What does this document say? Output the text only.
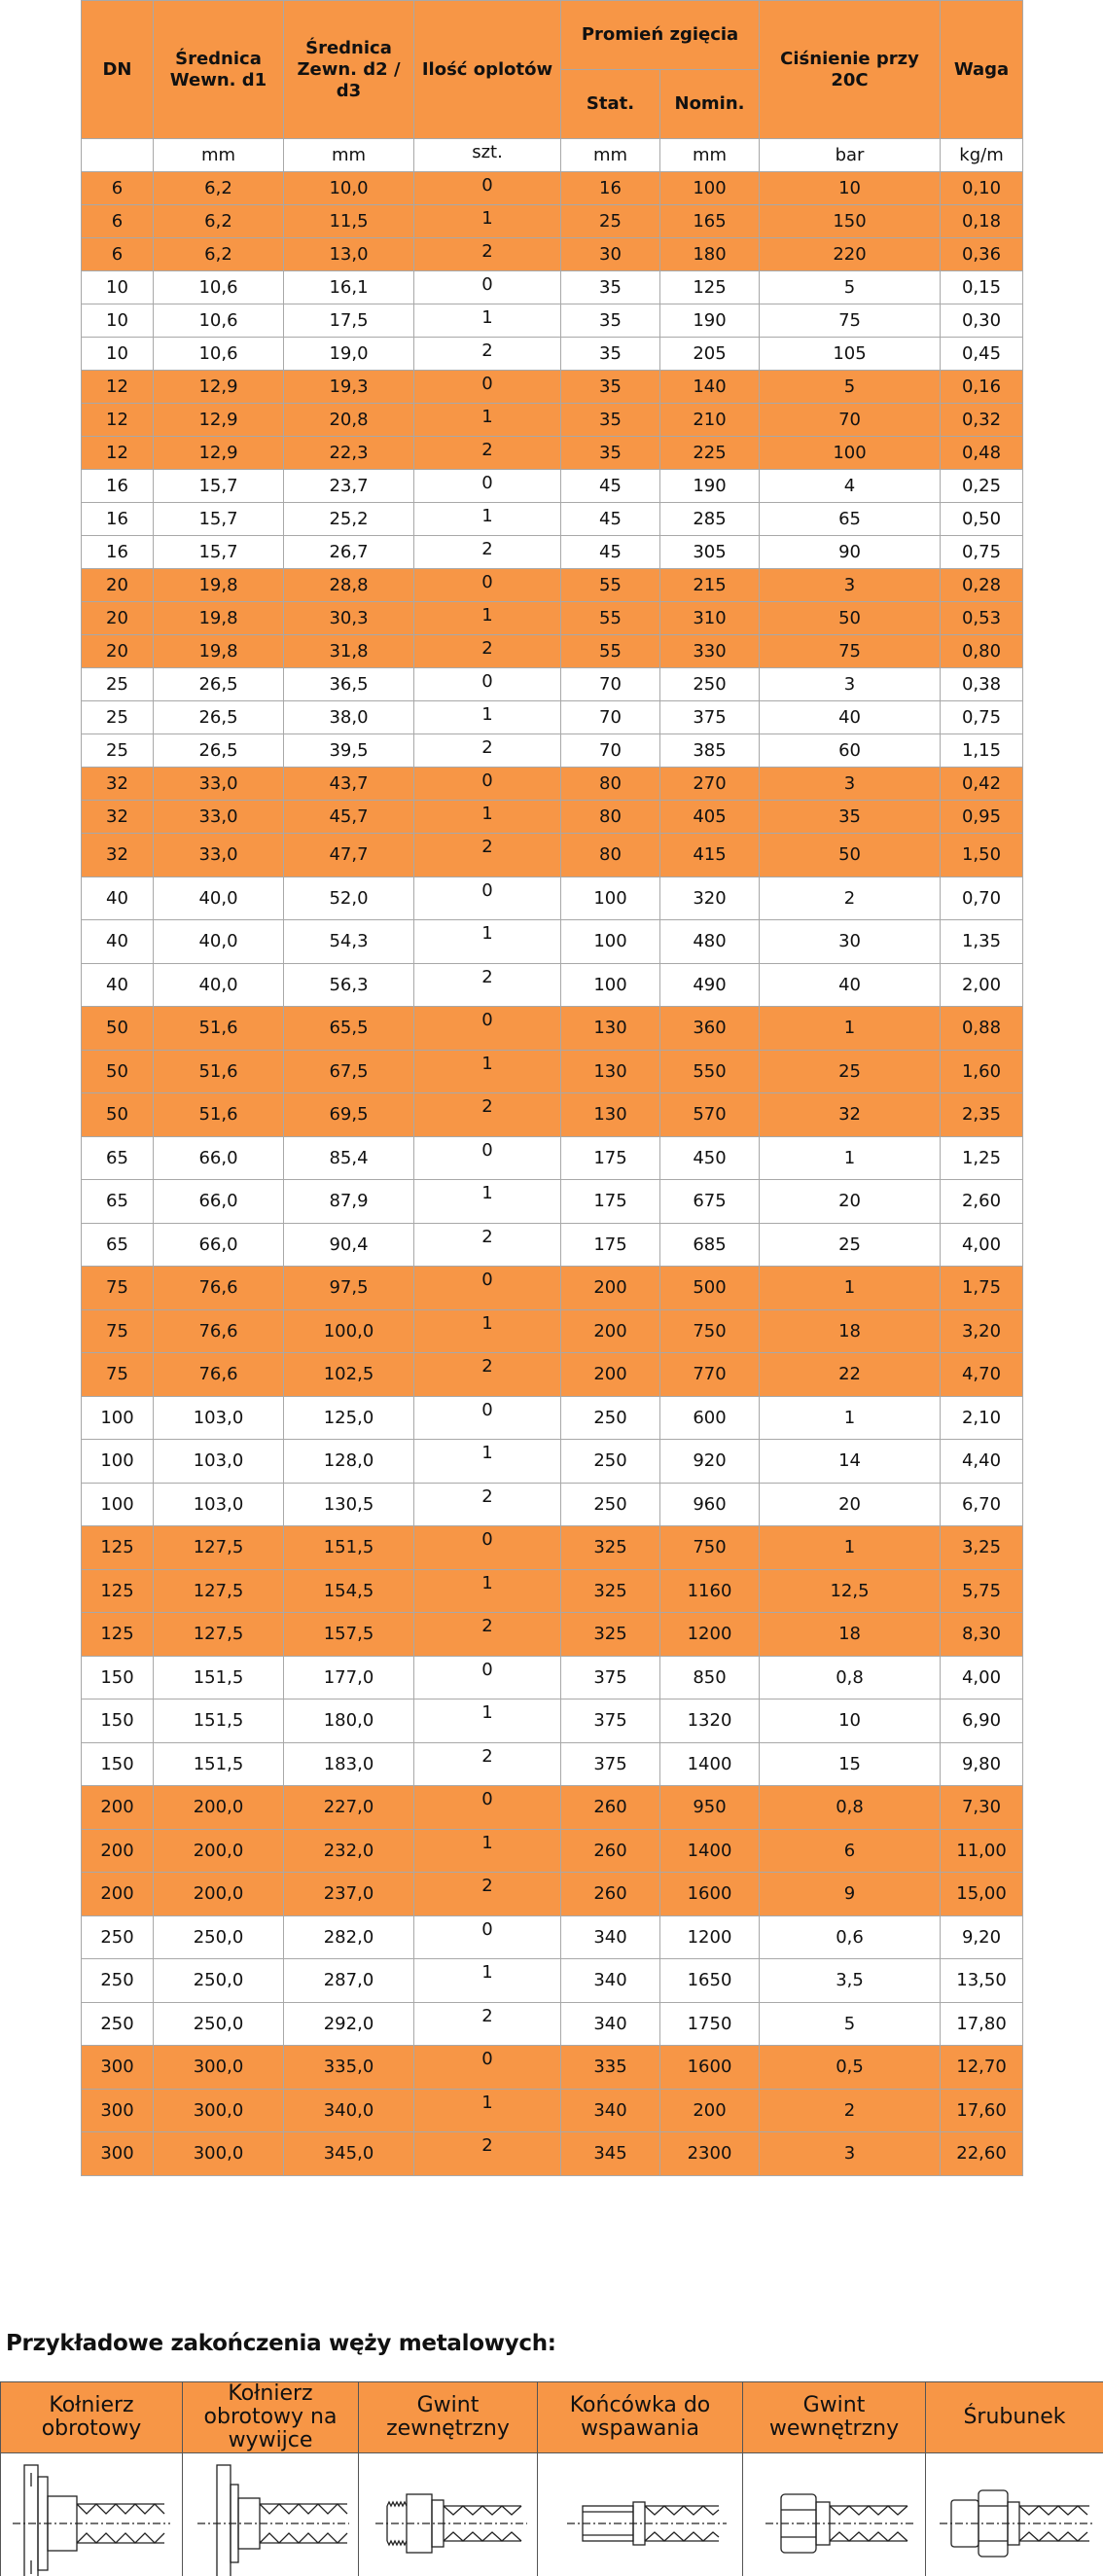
DN	Średnica Wewn. d1	Średnica Zewn. d2 / d3	Ilość oplotów	Promień zgięcia		Ciśnienie przy 20C	Waga
				Stat.	Nomin.		
	mm	mm	szt.	mm	mm	bar	kg/m
6	6,2	10,0	0	16	100	10	0,10
6	6,2	11,5	1	25	165	150	0,18
6	6,2	13,0	2	30	180	220	0,36
10	10,6	16,1	0	35	125	5	0,15
10	10,6	17,5	1	35	190	75	0,30
10	10,6	19,0	2	35	205	105	0,45
12	12,9	19,3	0	35	140	5	0,16
12	12,9	20,8	1	35	210	70	0,32
12	12,9	22,3	2	35	225	100	0,48
16	15,7	23,7	0	45	190	4	0,25
16	15,7	25,2	1	45	285	65	0,50
16	15,7	26,7	2	45	305	90	0,75
20	19,8	28,8	0	55	215	3	0,28
20	19,8	30,3	1	55	310	50	0,53
20	19,8	31,8	2	55	330	75	0,80
25	26,5	36,5	0	70	250	3	0,38
25	26,5	38,0	1	70	375	40	0,75
25	26,5	39,5	2	70	385	60	1,15
32	33,0	43,7	0	80	270	3	0,42
32	33,0	45,7	1	80	405	35	0,95
32	33,0	47,7	2	80	415	50	1,50
40	40,0	52,0	0	100	320	2	0,70
40	40,0	54,3	1	100	480	30	1,35
40	40,0	56,3	2	100	490	40	2,00
50	51,6	65,5	0	130	360	1	0,88
50	51,6	67,5	1	130	550	25	1,60
50	51,6	69,5	2	130	570	32	2,35
65	66,0	85,4	0	175	450	1	1,25
65	66,0	87,9	1	175	675	20	2,60
65	66,0	90,4	2	175	685	25	4,00
75	76,6	97,5	0	200	500	1	1,75
75	76,6	100,0	1	200	750	18	3,20
75	76,6	102,5	2	200	770	22	4,70
100	103,0	125,0	0	250	600	1	2,10
100	103,0	128,0	1	250	920	14	4,40
100	103,0	130,5	2	250	960	20	6,70
125	127,5	151,5	0	325	750	1	3,25
125	127,5	154,5	1	325	1160	12,5	5,75
125	127,5	157,5	2	325	1200	18	8,30
150	151,5	177,0	0	375	850	0,8	4,00
150	151,5	180,0	1	375	1320	10	6,90
150	151,5	183,0	2	375	1400	15	9,80
200	200,0	227,0	0	260	950	0,8	7,30
200	200,0	232,0	1	260	1400	6	11,00
200	200,0	237,0	2	260	1600	9	15,00
250	250,0	282,0	0	340	1200	0,6	9,20
250	250,0	287,0	1	340	1650	3,5	13,50
250	250,0	292,0	2	340	1750	5	17,80
300	300,0	335,0	0	335	1600	0,5	12,70
300	300,0	340,0	1	340	200	2	17,60
300	300,0	345,0	2	345	2300	3	22,60
Przykładowe zakończenia węży metalowych:
Kołnierz obrotowy	Kołnierz obrotowy na wywijce	Gwint zewnętrzny	Końcówka do wspawania	Gwint wewnętrzny	Śrubunek
